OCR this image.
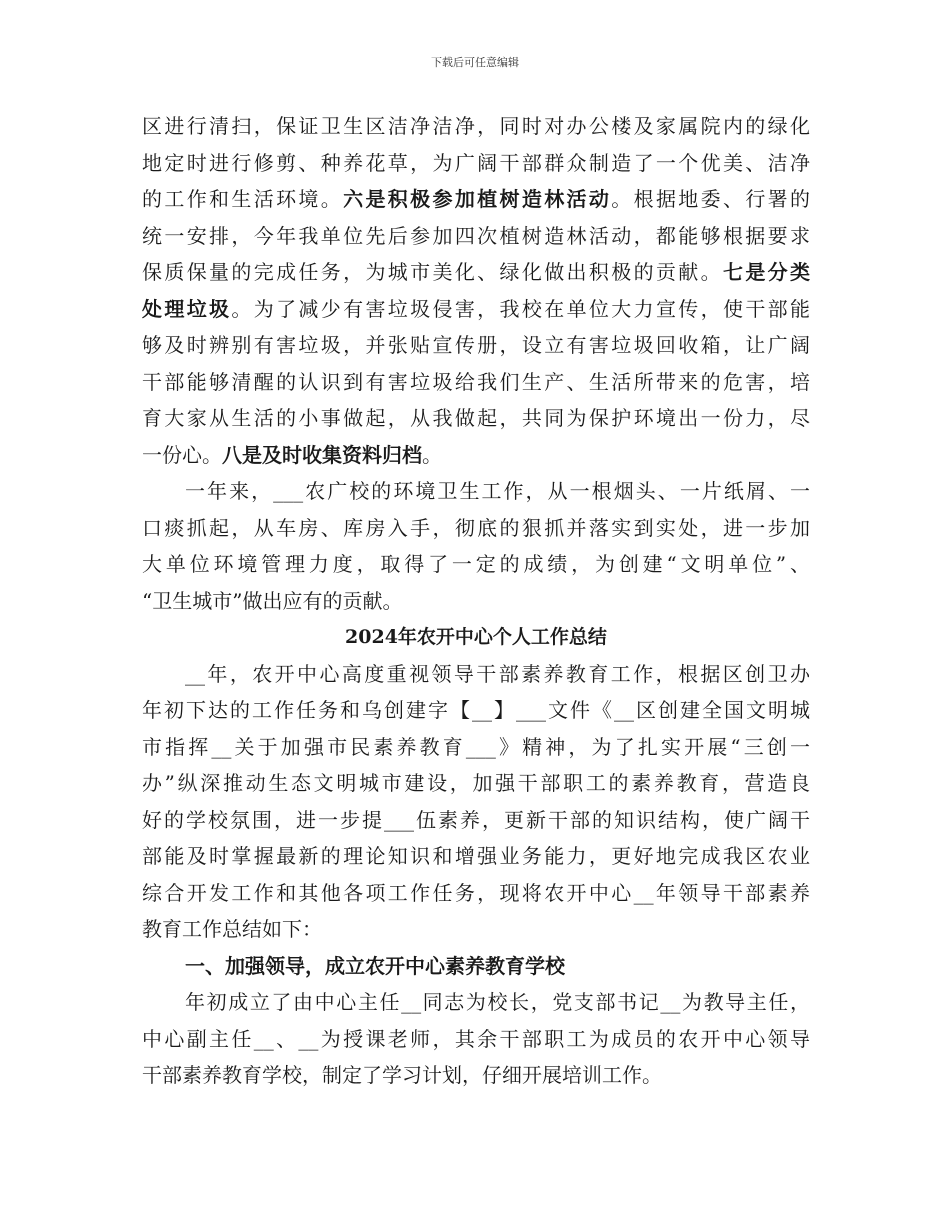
下载后可任意编辑
区进行清扫，保证卫生区洁净洁净，同时对办公楼及家属院内的绿化
地定时进行修剪、种养花草，为广阔干部群众制造了一个优美、洁净
的工作和生活环境。六是积极参加植树造林活动。根据地委、行署的
统一安排，今年我单位先后参加四次植树造林活动，都能够根据要求
保质保量的完成任务，为城市美化、绿化做出积极的贡献。七是分类
处理垃圾。为了减少有害垃圾侵害，我校在单位大力宣传，使干部能
够及时辨别有害垃圾，并张贴宣传册，设立有害垃圾回收箱，让广阔
干部能够清醒的认识到有害垃圾给我们生产、生活所带来的危害，培
育大家从生活的小事做起，从我做起，共同为保护环境出一份力，尽
一份心。八是及时收集资料归档。
一年来，___农广校的环境卫生工作，从一根烟头、一片纸屑、一
口痰抓起，从车房、库房入手，彻底的狠抓并落实到实处，进一步加
大单位环境管理力度，取得了一定的成绩，为创建“文明单位”、
“卫生城市”做出应有的贡献。
2024年农开中心个人工作总结
__年，农开中心高度重视领导干部素养教育工作，根据区创卫办
年初下达的工作任务和乌创建字【__】___文件《__区创建全国文明城
市指挥__关于加强市民素养教育___》精神，为了扎实开展“三创一
办”纵深推动生态文明城市建设，加强干部职工的素养教育，营造良
好的学校氛围，进一步提___伍素养，更新干部的知识结构，使广阔干
部能及时掌握最新的理论知识和增强业务能力，更好地完成我区农业
综合开发工作和其他各项工作任务，现将农开中心__年领导干部素养
教育工作总结如下：
一、加强领导，成立农开中心素养教育学校
年初成立了由中心主任__同志为校长，党支部书记__为教导主任，
中心副主任__、__为授课老师，其余干部职工为成员的农开中心领导
干部素养教育学校，制定了学习计划，仔细开展培训工作。
